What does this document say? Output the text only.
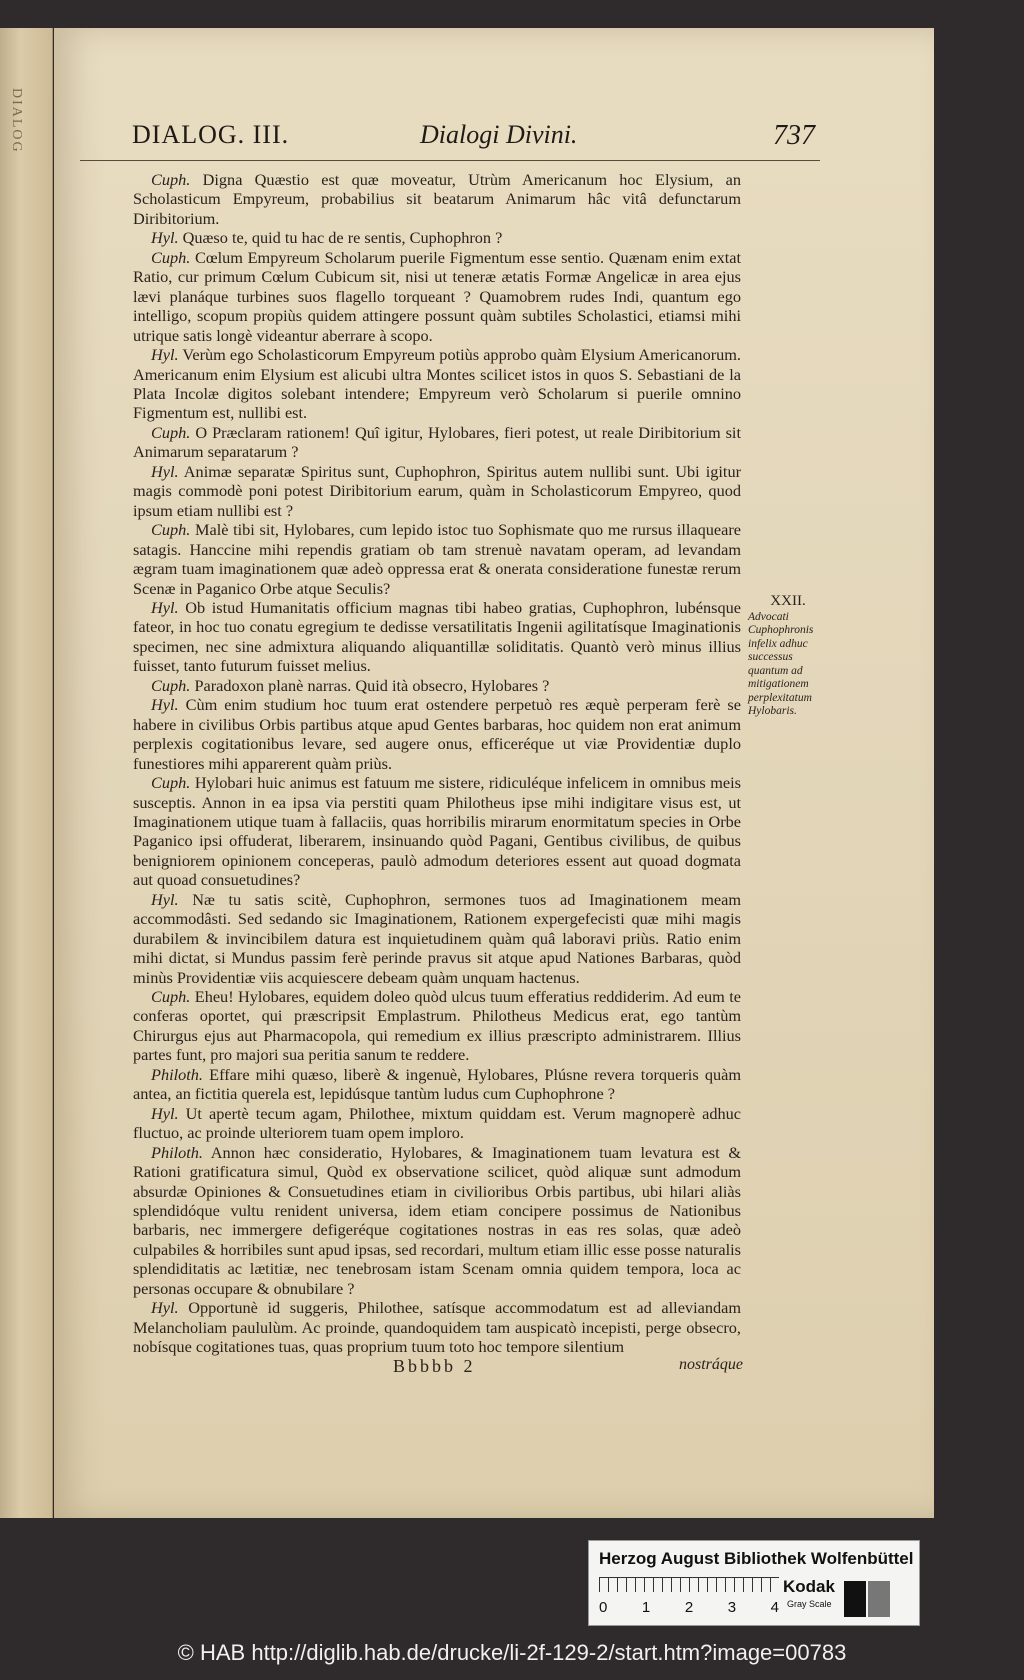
DIALOG	DIALOG. III.	Dialogi Divini.	737

Cuph. Digna Quæstio est quæ moveatur, Utrùm Americanum hoc Elysium, an Scholasticum Empyreum, probabilius sit beatarum Animarum hâc vitâ defunctarum Diribitorium.

Hyl. Quæso te, quid tu hac de re sentis, Cuphophron ?

Cuph. Cœlum Empyreum Scholarum puerile Figmentum esse sentio. Quænam enim extat Ratio, cur primum Cœlum Cubicum sit, nisi ut teneræ ætatis Formæ Angelicæ in area ejus lævi planáque turbines suos flagello torqueant ? Quamobrem rudes Indi, quantum ego intelligo, scopum propiùs quidem attingere possunt quàm subtiles Scholastici, etiamsi mihi utrique satis longè videantur aberrare à scopo.

Hyl. Verùm ego Scholasticorum Empyreum potiùs approbo quàm Elysium Americanorum. Americanum enim Elysium est alicubi ultra Montes scilicet istos in quos S. Sebastiani de la Plata Incolæ digitos solebant intendere; Empyreum verò Scholarum si puerile omnino Figmentum est, nullibi est.

Cuph. O Præclaram rationem! Quî igitur, Hylobares, fieri potest, ut reale Diribitorium sit Animarum separatarum ?

Hyl. Animæ separatæ Spiritus sunt, Cuphophron, Spiritus autem nullibi sunt. Ubi igitur magis commodè poni potest Diribitorium earum, quàm in Scholasticorum Empyreo, quod ipsum etiam nullibi est ?

Cuph. Malè tibi sit, Hylobares, cum lepido istoc tuo Sophismate quo me rursus illaqueare satagis. Hanccine mihi rependis gratiam ob tam strenuè navatam operam, ad levandam ægram tuam imaginationem quæ adeò oppressa erat & onerata consideratione funestæ rerum Scenæ in Paganico Orbe atque Seculis?

Hyl. Ob istud Humanitatis officium magnas tibi habeo gratias, Cuphophron, lubénsque fateor, in hoc tuo conatu egregium te dedisse versatilitatis Ingenii agilitatísque Imaginationis specimen, nec sine admixtura aliquando aliquantillæ soliditatis. Quantò verò minus illius fuisset, tanto futurum fuisset melius.

Cuph. Paradoxon planè narras. Quid ità obsecro, Hylobares ?

Hyl. Cùm enim studium hoc tuum erat ostendere perpetuò res æquè perperam ferè se habere in civilibus Orbis partibus atque apud Gentes barbaras, hoc quidem non erat animum perplexis cogitationibus levare, sed augere onus, efficeréque ut viæ Providentiæ duplo funestiores mihi apparerent quàm priùs.

Cuph. Hylobari huic animus est fatuum me sistere, ridiculéque infelicem in omnibus meis susceptis. Annon in ea ipsa via perstiti quam Philotheus ipse mihi indigitare visus est, ut Imaginationem utique tuam à fallaciis, quas horribilis mirarum enormitatum species in Orbe Paganico ipsi offuderat, liberarem, insinuando quòd Pagani, Gentibus civilibus, de quibus benigniorem opinionem conceperas, paulò admodum deteriores essent aut quoad dogmata aut quoad consuetudines?

Hyl. Næ tu satis scitè, Cuphophron, sermones tuos ad Imaginationem meam accommodâsti. Sed sedando sic Imaginationem, Rationem expergefecisti quæ mihi magis durabilem & invincibilem datura est inquietudinem quàm quâ laboravi priùs. Ratio enim mihi dictat, si Mundus passim ferè perinde pravus sit atque apud Nationes Barbaras, quòd minùs Providentiæ viis acquiescere debeam quàm unquam hactenus.

Cuph. Eheu! Hylobares, equidem doleo quòd ulcus tuum efferatius reddiderim. Ad eum te conferas oportet, qui præscripsit Emplastrum. Philotheus Medicus erat, ego tantùm Chirurgus ejus aut Pharmacopola, qui remedium ex illius præscripto administrarem. Illius partes funt, pro majori sua peritia sanum te reddere.

Philoth. Effare mihi quæso, liberè & ingenuè, Hylobares, Plúsne revera torqueris quàm antea, an fictitia querela est, lepidúsque tantùm ludus cum Cuphophrone ?

Hyl. Ut apertè tecum agam, Philothee, mixtum quiddam est. Verum magnoperè adhuc fluctuo, ac proinde ulteriorem tuam opem imploro.

Philoth. Annon hæc consideratio, Hylobares, & Imaginationem tuam levatura est & Rationi gratificatura simul, Quòd ex observatione scilicet, quòd aliquæ sunt admodum absurdæ Opiniones & Consuetudines etiam in civilioribus Orbis partibus, ubi hilari aliàs splendidóque vultu renident universa, idem etiam concipere possimus de Nationibus barbaris, nec immergere defigeréque cogitationes nostras in eas res solas, quæ adeò culpabiles & horribiles sunt apud ipsas, sed recordari, multum etiam illic esse posse naturalis splendiditatis ac lætitiæ, nec tenebrosam istam Scenam omnia quidem tempora, loca ac personas occupare & obnubilare ?

Hyl. Opportunè id suggeris, Philothee, satísque accommodatum est ad alleviandam Melancholiam paululùm. Ac proinde, quandoquidem tam auspicatò incepisti, perge obsecro, nobísque cogitationes tuas, quas proprium tuum toto hoc tempore silentium

XXII.
Advocati Cuphophronis infelix adhuc successus quantum ad mitigationem perplexitatum Hylobaris.
Bbbbb 2	nostráque
Herzog August Bibliothek Wolfenbüttel
0 1 2 3 4
Kodak
Gray Scale
© HAB http://diglib.hab.de/drucke/li-2f-129-2/start.htm?image=00783
